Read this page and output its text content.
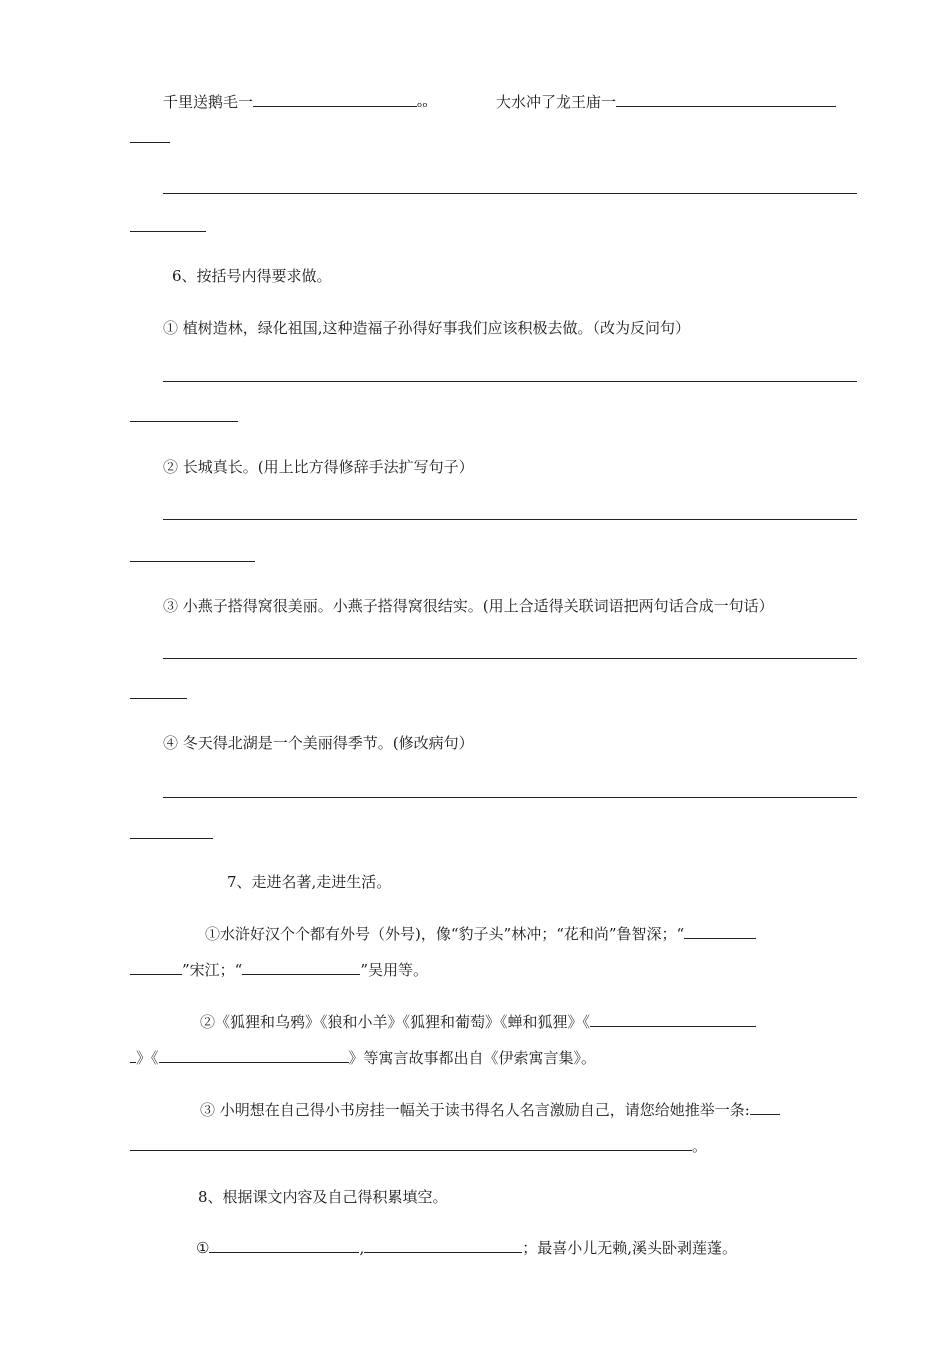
千里送鹅毛一	ₒₒ	大水冲了龙王庙一
6、按括号内得要求做。
① 植树造林，绿化祖国,这种造福子孙得好事我们应该积极去做。（改为反问句）
② 长城真长。(用上比方得修辞手法扩写句子）
③ 小燕子搭得窝很美丽。小燕子搭得窝很结实。(用上合适得关联词语把两句话合成一句话）
④ 冬天得北湖是一个美丽得季节。(修改病句）
7、走进名著,走进生活。
①水浒好汉个个都有外号（外号)，像“豹子头”林冲；“花和尚”鲁智深；“
”宋江；“	”吴用等。
②《狐狸和乌鸦》《狼和小羊》《狐狸和葡萄》《蝉和狐狸》《
》《	》等寓言故事都出自《伊索寓言集》。
③ 小明想在自己得小书房挂一幅关于读书得名人名言激励自己，请您给她推举一条:
。
8、根据课文内容及自己得积累填空。
①	,	；最喜小儿无赖,溪头卧剥莲蓬。
